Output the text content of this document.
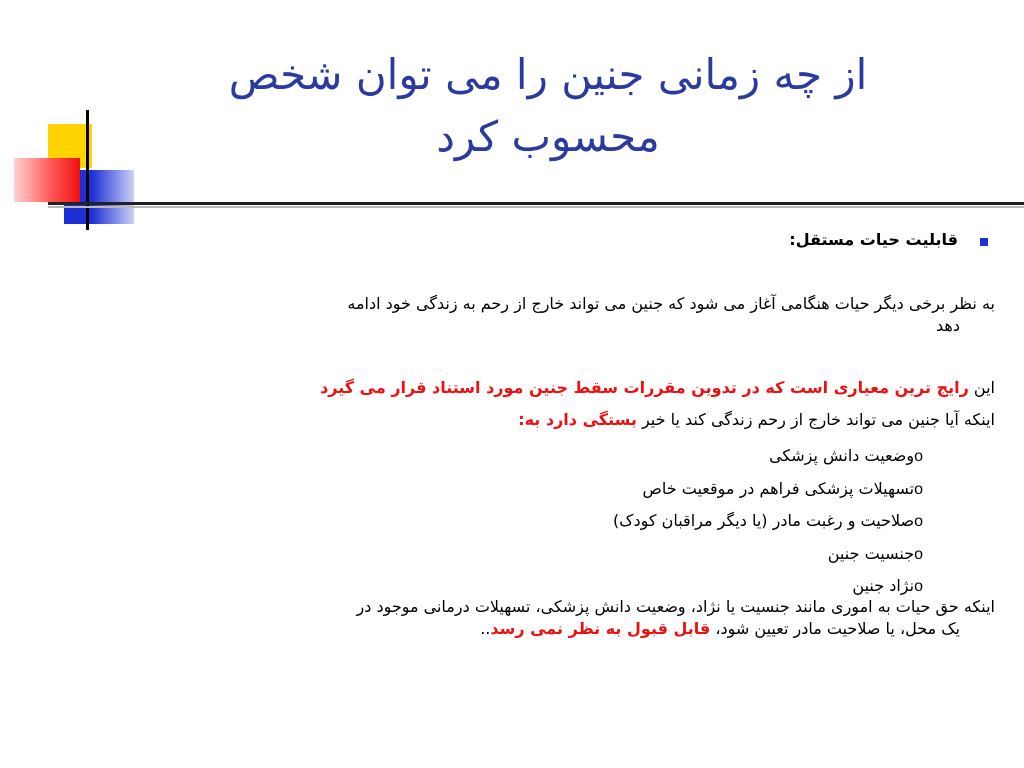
از چه زمانی جنین را می توان شخص
محسوب کرد
قابلیت حیات مستقل:
به نظر برخی دیگر حیات هنگامی آغاز می شود که جنین می تواند خارج از رحم به زندگی خود ادامه
دهد
این رایج ترین معیاری است که در تدوین مقررات سقط جنین مورد استناد قرار می گیرد
اینکه آیا جنین می تواند خارج از رحم زندگی کند یا خیر بستگی دارد به:
oوضعیت دانش پزشکی
oتسهیلات پزشکی فراهم در موقعیت خاص
oصلاحیت و رغبت مادر (یا دیگر مراقبان کودک)
oجنسیت جنین
oنژاد جنین
اینکه حق حیات به اموری مانند جنسیت یا نژاد، وضعیت دانش پزشکی، تسهیلات درمانی موجود در
یک محل، یا صلاحیت مادر تعیین شود، قابل قبول به نظر نمی رسد..
